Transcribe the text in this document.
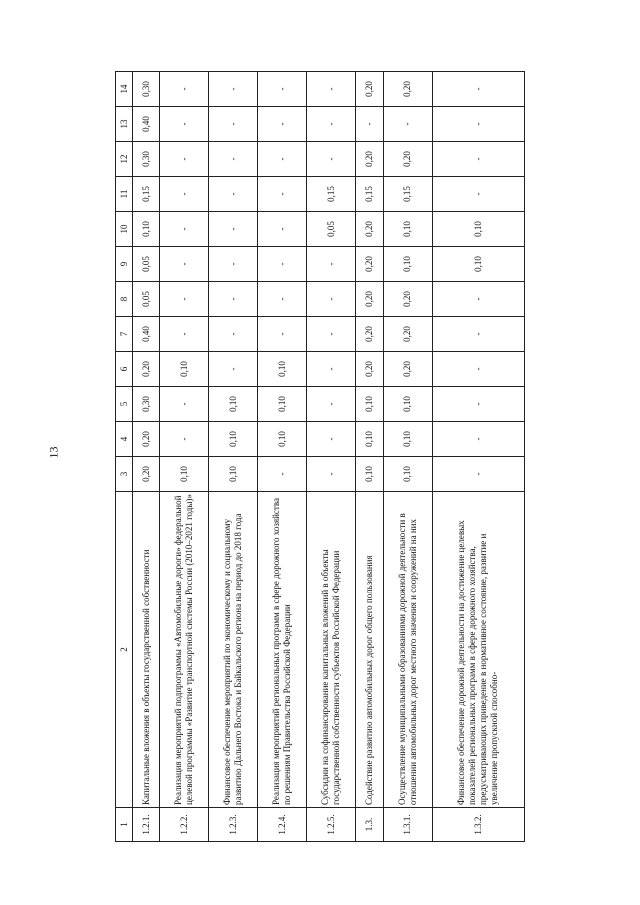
13
1	2	3	4	5	6	7	8	9	10	11	12	13	14
1.2.1.	Капитальные вложения в объекты государственной собственности	0,20	0,20	0,30	0,20	0,40	0,05	0,05	0,10	0,15	0,30	0,40	0,30
1.2.2.	Реализация мероприятий подпрограммы «Автомобильные дороги» федеральной целевой программы «Развитие транспортной системы России (2010–2021 годы)»	0,10	-	-	0,10	-	-	-	-	-	-	-	-
1.2.3.	Финансовое обеспечение мероприятий по экономическому и социальному развитию Дальнего Востока и Байкальского региона на период до 2018 года	0,10	0,10	0,10	-	-	-	-	-	-	-	-	-
1.2.4.	Реализация мероприятий региональных программ в сфере дорожного хозяйства по решениям Правительства Российской Федерации	-	0,10	0,10	0,10	-	-	-	-	-	-	-	-
1.2.5.	Субсидии на софинансирование капитальных вложений в объекты государственной собственности субъектов Российской Федерации	-	-	-	-	-	-	-	0,05	0,15	-	-	-
1.3.	Содействие развитию автомобильных дорог общего пользования	0,10	0,10	0,10	0,20	0,20	0,20	0,20	0,20	0,15	0,20	-	0,20
1.3.1.	Осуществление муниципальными образованиями дорожной деятельности в отношении автомобильных дорог местного значения и сооружений на них	0,10	0,10	0,10	0,20	0,20	0,20	0,10	0,10	0,15	0,20	-	0,20
1.3.2.	Финансовое обеспечение дорожной деятельности на достижение целевых показателей региональных программ в сфере дорожного хозяйства, предусматривающих приведение в нормативное состояние, развитие и увеличение пропускной способно-	-	-	-	-	-	-	0,10	0,10	-	-	-	-
